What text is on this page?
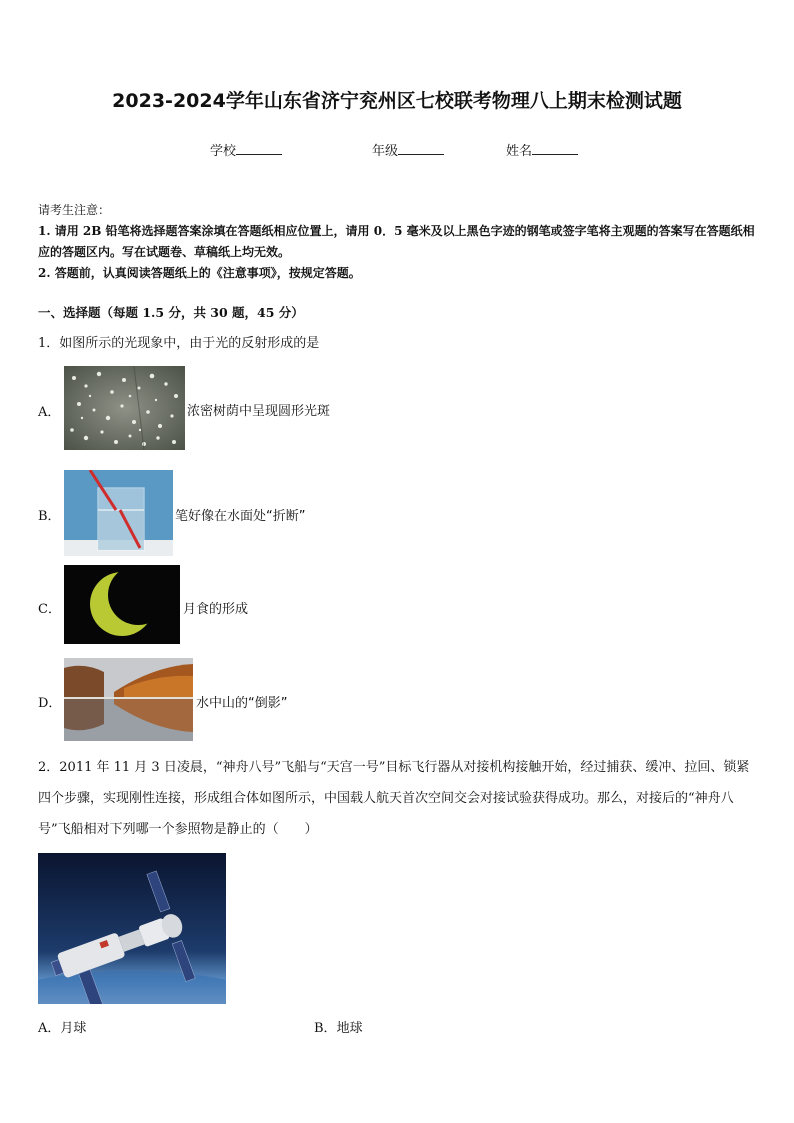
2023-2024学年山东省济宁兖州区七校联考物理八上期末检测试题
学校	年级	姓名
请考生注意：
1. 请用 2B 铅笔将选择题答案涂填在答题纸相应位置上，请用 0．5 毫米及以上黑色字迹的钢笔或签字笔将主观题的答案写在答题纸相应的答题区内。写在试题卷、草稿纸上均无效。
2. 答题前，认真阅读答题纸上的《注意事项》，按规定答题。
一、选择题（每题 1.5 分，共 30 题，45 分）
1．如图所示的光现象中，由于光的反射形成的是
A．	浓密树荫中呈现圆形光斑
B．	笔好像在水面处“折断”
C．	月食的形成
D．	水中山的“倒影”
2．2011 年 11 月 3 日凌晨，“神舟八号”飞船与“天宫一号”目标飞行器从对接机构接触开始，经过捕获、缓冲、拉回、锁紧四个步骤，实现刚性连接，形成组合体如图所示，中国载人航天首次空间交会对接试验获得成功。那么，对接后的“神舟八号”飞船相对下列哪一个参照物是静止的（　　）
A．月球	B．地球
